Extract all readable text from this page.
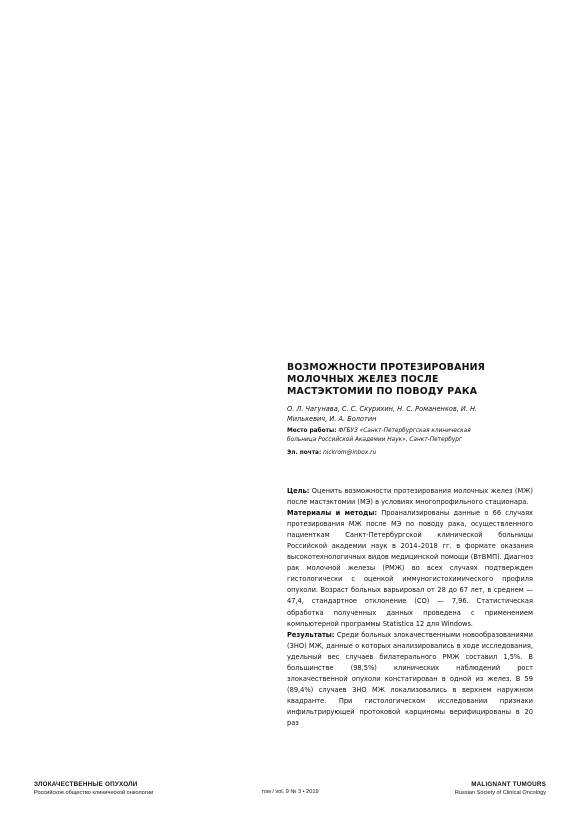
ВОЗМОЖНОСТИ ПРОТЕЗИРОВАНИЯ МОЛОЧНЫХ ЖЕЛЕЗ ПОСЛЕ МАСТЭКТОМИИ ПО ПОВОДУ РАКА

О. Л. Чагунава, С. С. Скурихин, Н. С. Романенков, И. Н. Милькевич, И. А. Болотин

Место работы: ФГБУЗ «Санкт-Петербургская клиническая больница Российской Академии Наук», Санкт-Петербург

Эл. почта: nickrom@inbox.ru

Цель: Оценить возможности протезирования молочных желез (МЖ) после мастэктомии (МЭ) в условиях многопрофильного стационара.

Материалы и методы: Проанализированы данные о 66 случаях протезирования МЖ после МЭ по поводу рака, осуществленного пациенткам Санкт-Петербургской клинической больницы Российской академии наук в 2014–2018 гг. в формате оказания высокотехнологичных видов медицинской помощи (ВтВМП). Диагноз рак молочной железы (РМЖ) во всех случаях подтвержден гистологически с оценкой иммуногистохимического профиля опухоли. Возраст больных варьировал от 28 до 67 лет, в среднем — 47,4, стандартное отклонение (СО) — 7,96. Статистическая обработка полученных данных проведена с применением компьютерной программы Statistica 12 для Windows.

Результаты: Среди больных злокачественными новообразованиями (ЗНО) МЖ, данные о которых анализировались в ходе исследования, удельный вес случаев билатерального РМЖ составил 1,5%. В большинстве (98,5%) клинических наблюдений рост злокачественной опухоли констатирован в одной из желез. В 59 (89,4%) случаев ЗНО МЖ локализовались в верхнем наружном квадранте. При гистологическом исследовании признаки инфильтрирующей протоковой карциномы верифицированы в 20 раз

ЗЛОКАЧЕСТВЕННЫЕ ОПУХОЛИ
Российское общество клинической онкологии	том / vol. 9 № 3 • 2019
MALIGNANT TUMOURS
Russian Society of Clinical Oncology
